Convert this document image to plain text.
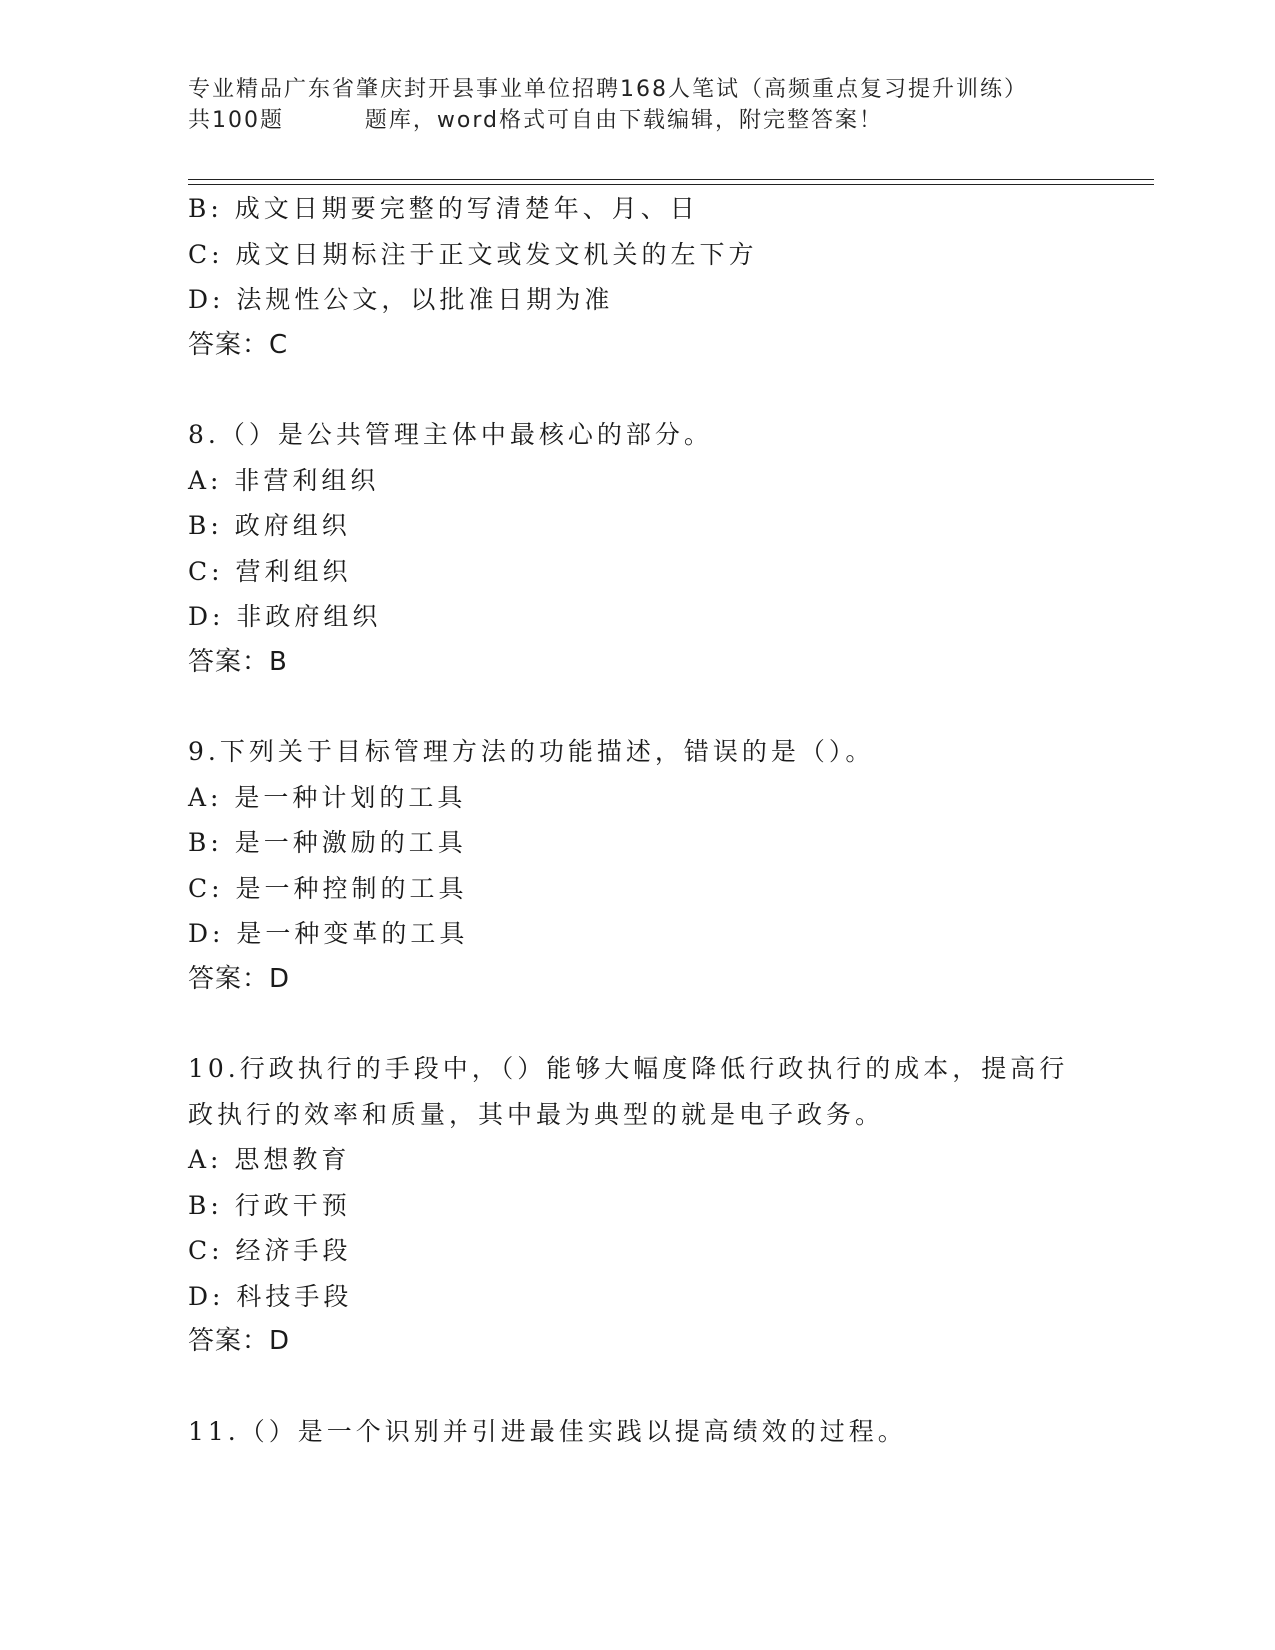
专业精品广东省肇庆封开县事业单位招聘168人笔试（高频重点复习提升训练）
共100题         题库，word格式可自由下载编辑，附完整答案！
B: 成文日期要完整的写清楚年、月、日
C: 成文日期标注于正文或发文机关的左下方
D: 法规性公文，以批准日期为准
答案：C
8.（）是公共管理主体中最核心的部分。
A: 非营利组织
B: 政府组织
C: 营利组织
D: 非政府组织
答案：B
9.下列关于目标管理方法的功能描述，错误的是（）。
A: 是一种计划的工具
B: 是一种激励的工具
C: 是一种控制的工具
D: 是一种变革的工具
答案：D
10.行政执行的手段中，（）能够大幅度降低行政执行的成本，提高行
政执行的效率和质量，其中最为典型的就是电子政务。
A: 思想教育
B: 行政干预
C: 经济手段
D: 科技手段
答案：D
11.（）是一个识别并引进最佳实践以提高绩效的过程。
